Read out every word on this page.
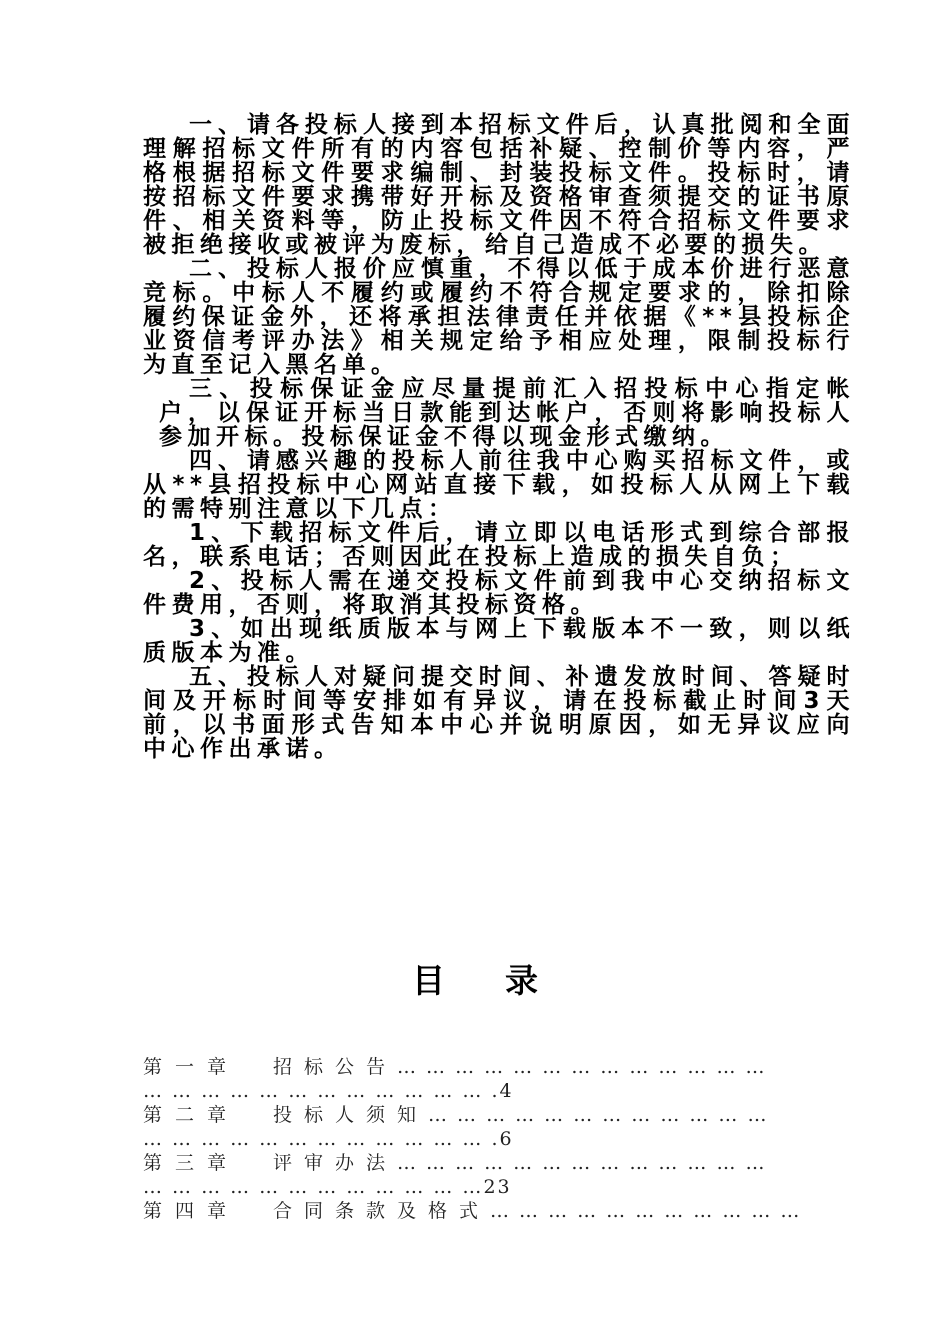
一、请各投标人接到本招标文件后，认真批阅和全面理解招标文件所有的内容包括补疑、控制价等内容，严格根据招标文件要求编制、封装投标文件。投标时，请按招标文件要求携带好开标及资格审查须提交的证书原件、相关资料等，防止投标文件因不符合招标文件要求被拒绝接收或被评为废标，给自己造成不必要的损失。

二、投标人报价应慎重，不得以低于成本价进行恶意竞标。中标人不履约或履约不符合规定要求的，除扣除履约保证金外，还将承担法律责任并依据《**县投标企业资信考评办法》相关规定给予相应处理，限制投标行为直至记入黑名单。

三、投标保证金应尽量提前汇入招投标中心指定帐户，以保证开标当日款能到达帐户，否则将影响投标人参加开标。投标保证金不得以现金形式缴纳。

四、请感兴趣的投标人前往我中心购买招标文件，或从**县招投标中心网站直接下载，如投标人从网上下载的需特别注意以下几点：

1、下载招标文件后，请立即以电话形式到综合部报名，联系电话；否则因此在投标上造成的损失自负；

2、投标人需在递交投标文件前到我中心交纳招标文件费用，否则，将取消其投标资格。

3、如出现纸质版本与网上下载版本不一致，则以纸质版本为准。

五、投标人对疑问提交时间、补遗发放时间、答疑时间及开标时间等安排如有异议，请在投标截止时间3天前，以书面形式告知本中心并说明原因，如无异议应向中心作出承诺。

目录
第一章 招标公告… … … … … … … … … … … … …
… … … … … … … … … … … … .4
第二章 投标人须知… … … … … … … … … … … …
… … … … … … … … … … … … .6
第三章 评审办法… … … … … … … … … … … … …
… … … … … … … … … … … …23
第四章 合同条款及格式… … … … … … … … … … …
